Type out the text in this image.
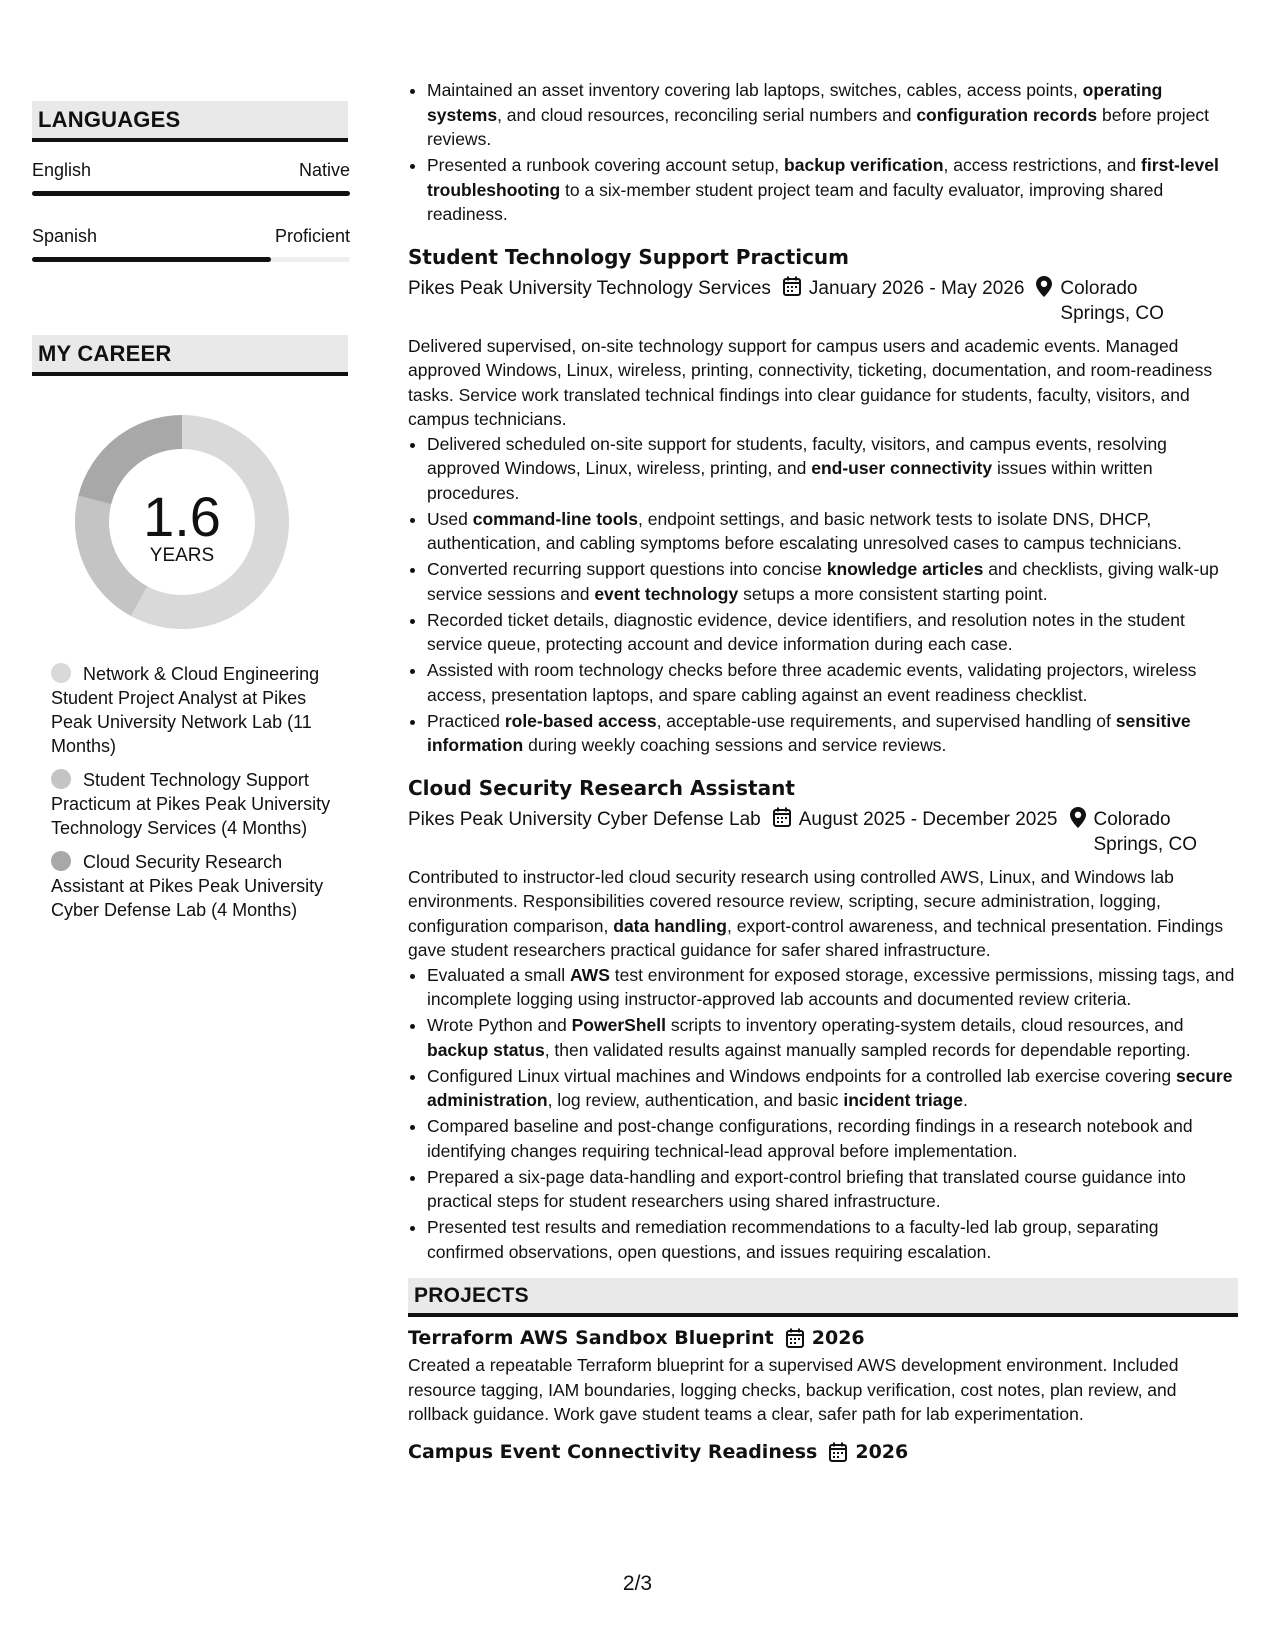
LANGUAGES
English	Native
Spanish	Proficient
MY CAREER
1.6
YEARS
Network & Cloud Engineering Student Project Analyst at Pikes Peak University Network Lab (11 Months)
Student Technology Support Practicum at Pikes Peak University Technology Services (4 Months)
Cloud Security Research Assistant at Pikes Peak University Cyber Defense Lab (4 Months)
• Maintained an asset inventory covering lab laptops, switches, cables, access points, operating systems, and cloud resources, reconciling serial numbers and configuration records before project reviews.
• Presented a runbook covering account setup, backup verification, access restrictions, and first-level troubleshooting to a six-member student project team and faculty evaluator, improving shared readiness.
Student Technology Support Practicum
Pikes Peak University Technology Services January 2026 - May 2026 Colorado Springs, CO
Delivered supervised, on-site technology support for campus users and academic events. Managed approved Windows, Linux, wireless, printing, connectivity, ticketing, documentation, and room-readiness tasks. Service work translated technical findings into clear guidance for students, faculty, visitors, and campus technicians.
• Delivered scheduled on-site support for students, faculty, visitors, and campus events, resolving approved Windows, Linux, wireless, printing, and end-user connectivity issues within written procedures.
• Used command-line tools, endpoint settings, and basic network tests to isolate DNS, DHCP, authentication, and cabling symptoms before escalating unresolved cases to campus technicians.
• Converted recurring support questions into concise knowledge articles and checklists, giving walk-up service sessions and event technology setups a more consistent starting point.
• Recorded ticket details, diagnostic evidence, device identifiers, and resolution notes in the student service queue, protecting account and device information during each case.
• Assisted with room technology checks before three academic events, validating projectors, wireless access, presentation laptops, and spare cabling against an event readiness checklist.
• Practiced role-based access, acceptable-use requirements, and supervised handling of sensitive information during weekly coaching sessions and service reviews.
Cloud Security Research Assistant
Pikes Peak University Cyber Defense Lab August 2025 - December 2025 Colorado Springs, CO
Contributed to instructor-led cloud security research using controlled AWS, Linux, and Windows lab environments. Responsibilities covered resource review, scripting, secure administration, logging, configuration comparison, data handling, export-control awareness, and technical presentation. Findings gave student researchers practical guidance for safer shared infrastructure.
• Evaluated a small AWS test environment for exposed storage, excessive permissions, missing tags, and incomplete logging using instructor-approved lab accounts and documented review criteria.
• Wrote Python and PowerShell scripts to inventory operating-system details, cloud resources, and backup status, then validated results against manually sampled records for dependable reporting.
• Configured Linux virtual machines and Windows endpoints for a controlled lab exercise covering secure administration, log review, authentication, and basic incident triage.
• Compared baseline and post-change configurations, recording findings in a research notebook and identifying changes requiring technical-lead approval before implementation.
• Prepared a six-page data-handling and export-control briefing that translated course guidance into practical steps for student researchers using shared infrastructure.
• Presented test results and remediation recommendations to a faculty-led lab group, separating confirmed observations, open questions, and issues requiring escalation.
PROJECTS
Terraform AWS Sandbox Blueprint 2026
Created a repeatable Terraform blueprint for a supervised AWS development environment. Included resource tagging, IAM boundaries, logging checks, backup verification, cost notes, plan review, and rollback guidance. Work gave student teams a clear, safer path for lab experimentation.
Campus Event Connectivity Readiness 2026
2/3
